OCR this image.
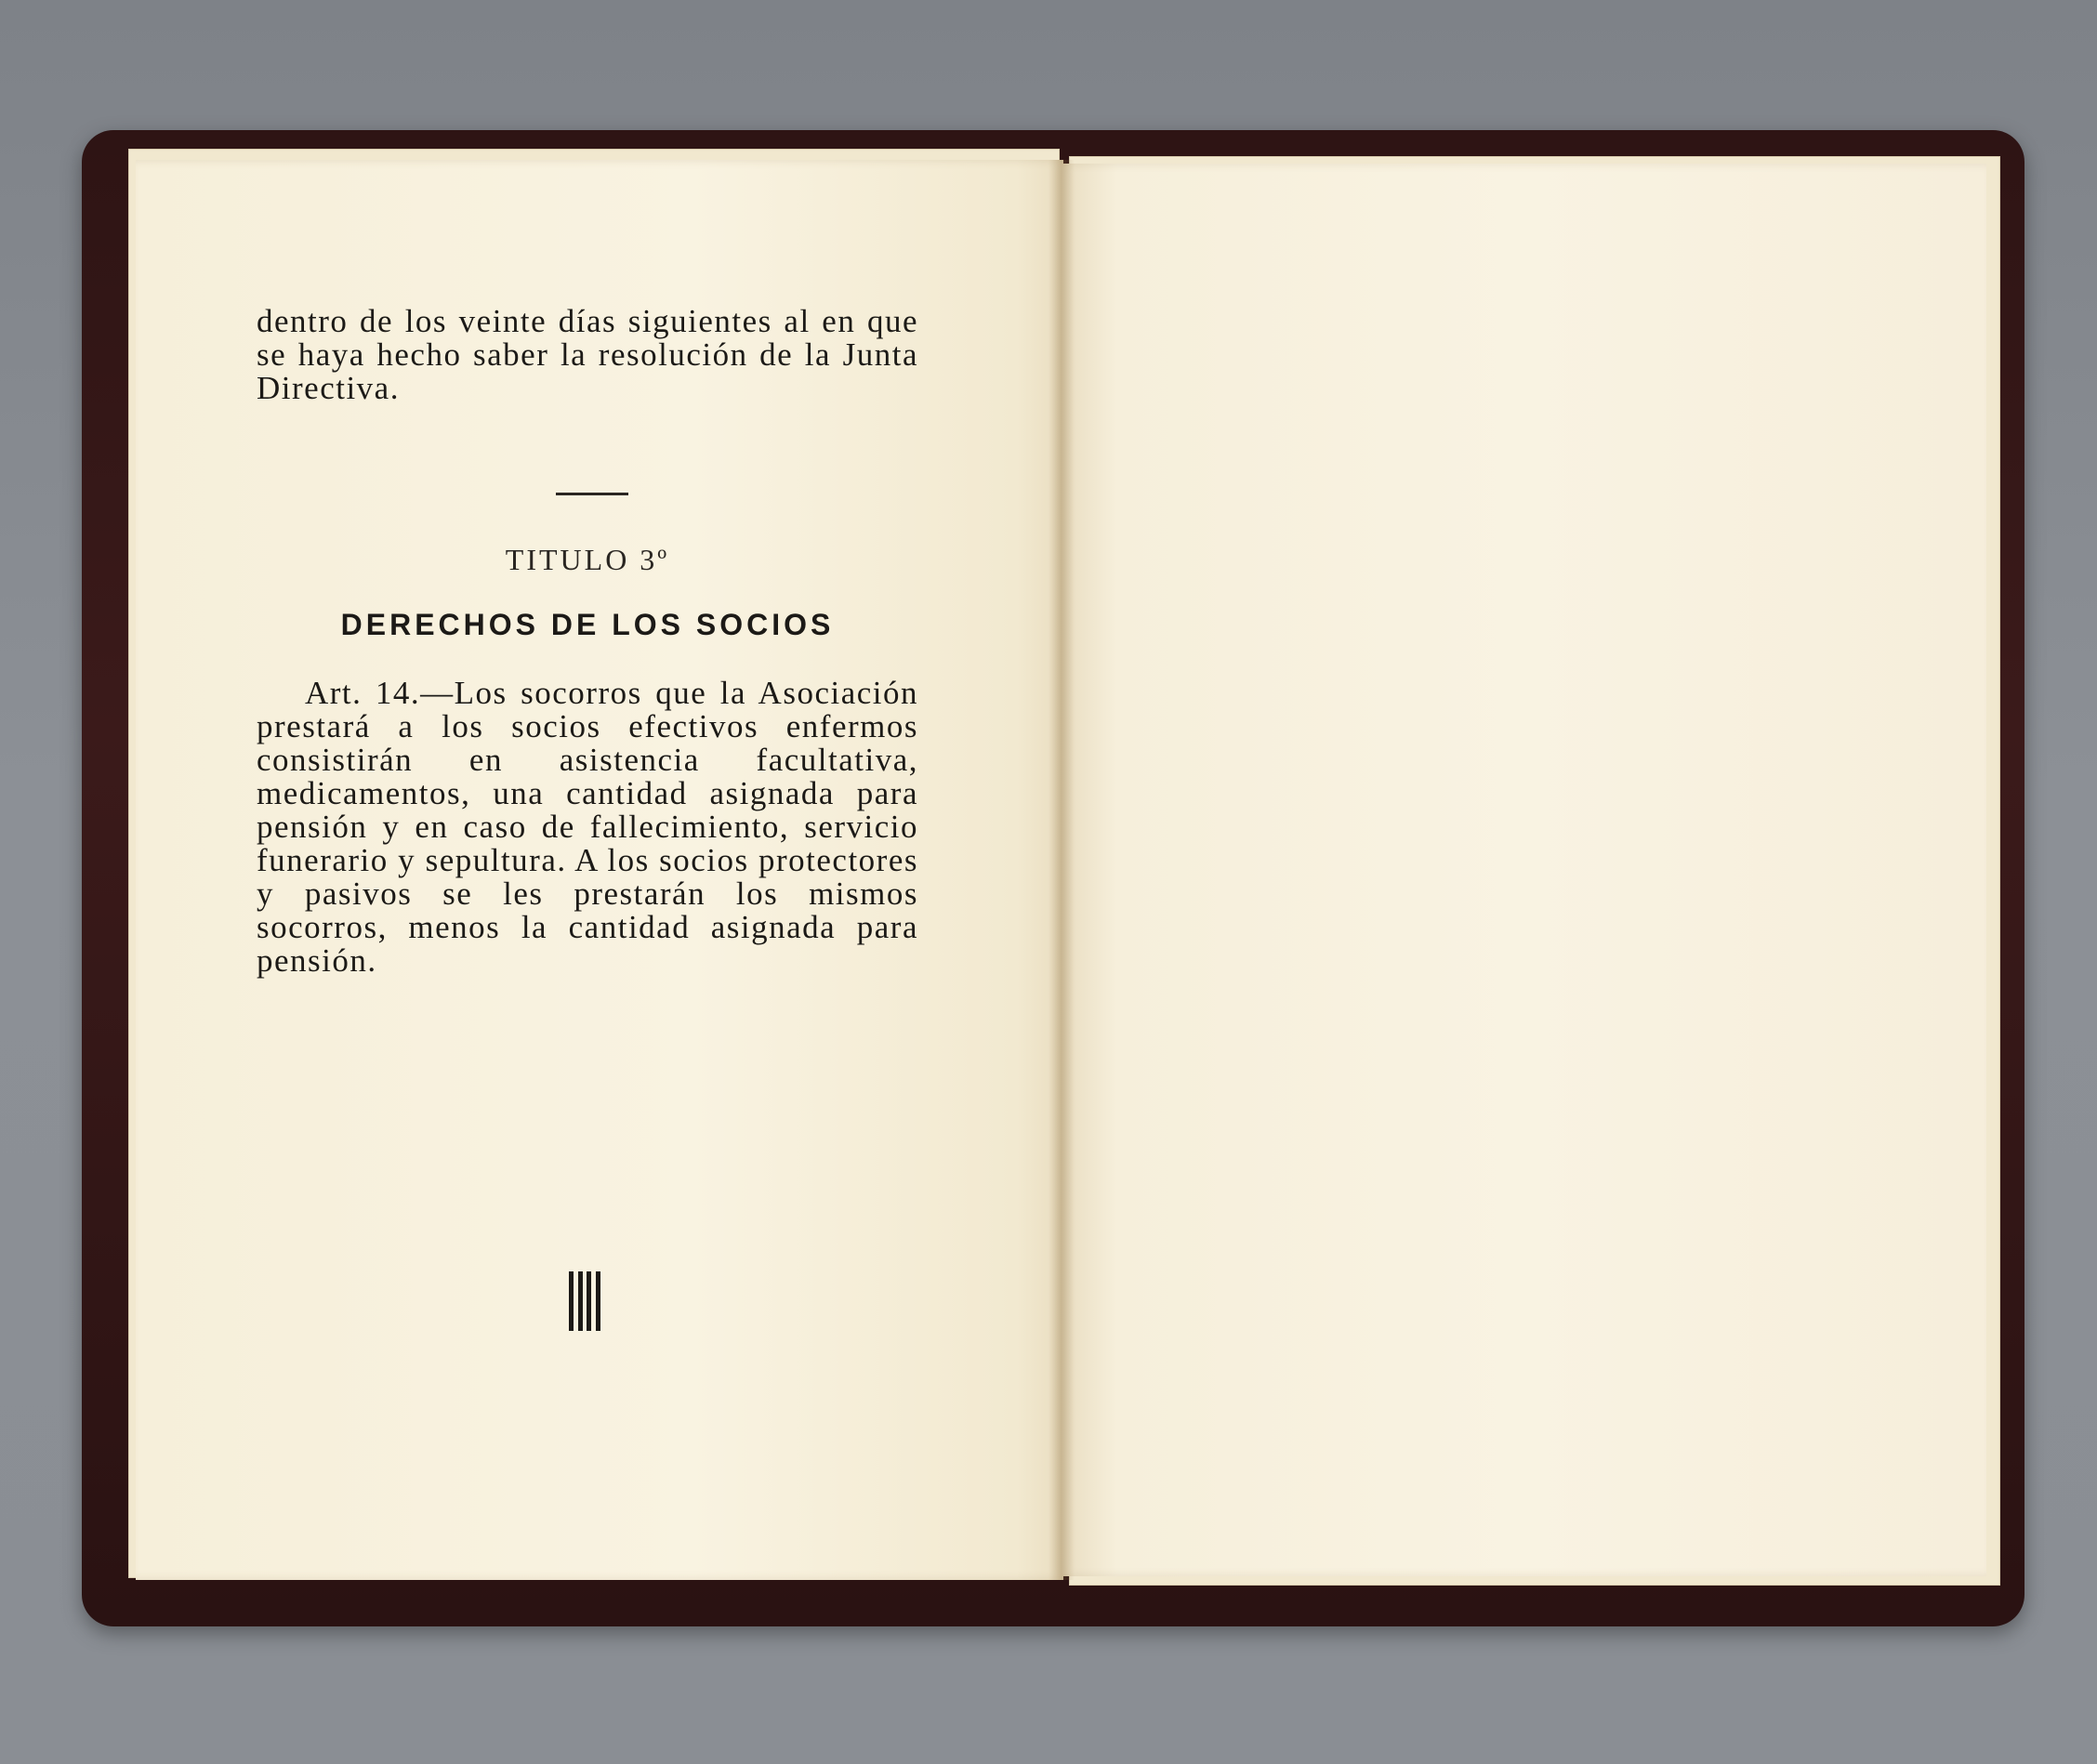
dentro de los veinte días siguientes al en que se haya hecho saber la resolución de la Junta Directiva.
TITULO 3º
DERECHOS DE LOS SOCIOS
Art. 14.—Los socorros que la Asociación prestará a los socios efectivos enfermos consistirán en asistencia facultativa, medicamentos, una cantidad asignada para pensión y en caso de fallecimiento, servicio funerario y sepultura. A los socios protectores y pasivos se les prestarán los mismos socorros, menos la cantidad asignada para pensión.
